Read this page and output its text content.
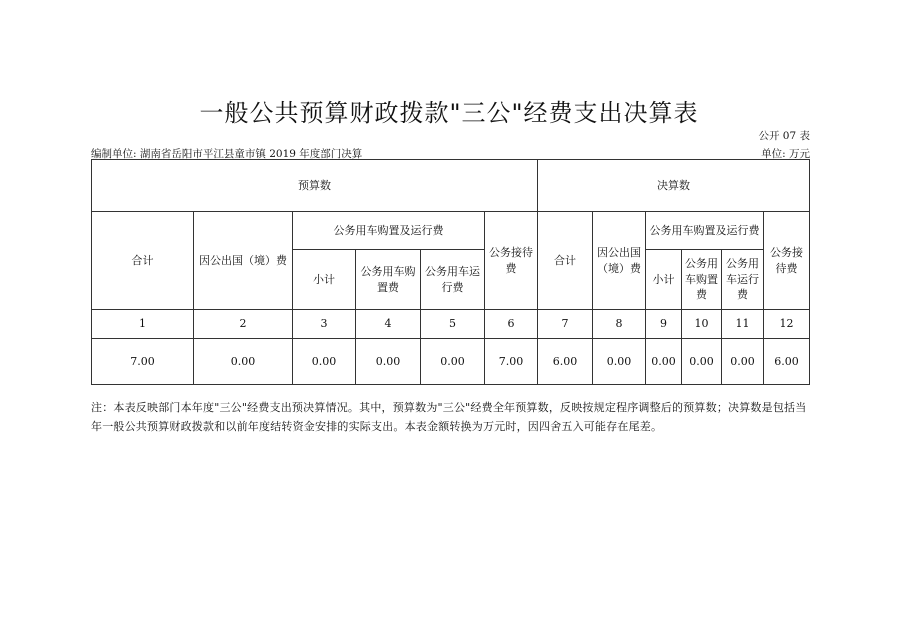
一般公共预算财政拨款"三公"经费支出决算表
公开 07 表
编制单位: 湖南省岳阳市平江县童市镇 2019 年度部门决算	单位: 万元
预算数						决算数					
合计	因公出国（境）费	公务用车购置及运行费			公务接待费	合计	因公出国（境）费	公务用车购置及运行费			公务接待费
		小计	公务用车购置费	公务用车运行费				小计	公务用车购置费	公务用车运行费	
1	2	3	4	5	6	7	8	9	10	11	12
7.00	0.00	0.00	0.00	0.00	7.00	6.00	0.00	0.00	0.00	0.00	6.00
注：本表反映部门本年度"三公"经费支出预决算情况。其中，预算数为"三公"经费全年预算数，反映按规定程序调整后的预算数；决算数是包括当年一般公共预算财政拨款和以前年度结转资金安排的实际支出。本表金额转换为万元时，因四舍五入可能存在尾差。
